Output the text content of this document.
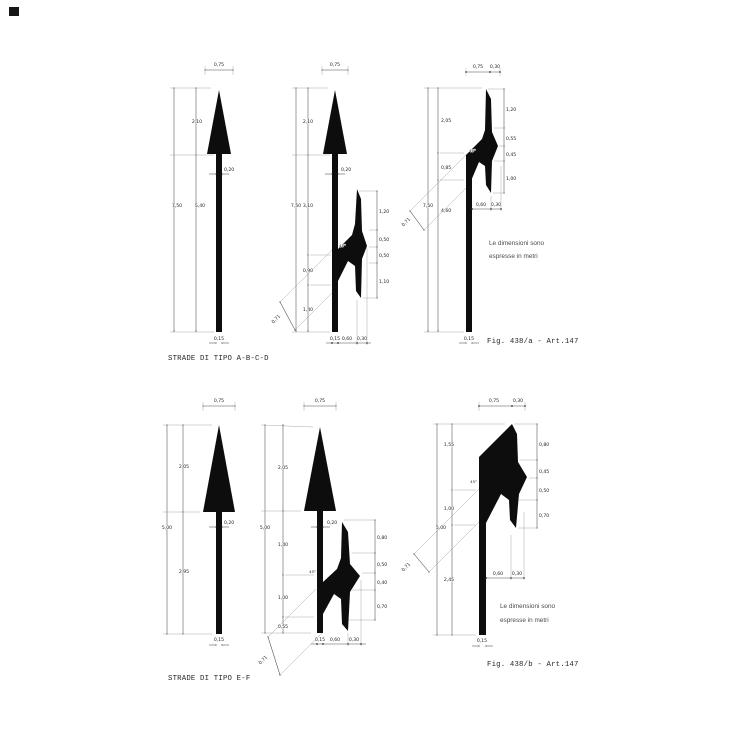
0,75
7,50
2,10
5,40
0,20
0,15
0,75
7,50
2,10
3,10
0,90
1,40
0,20
1,20
0,50
0,50
1,10
0,15 0,60 0,30
0,71
45°
0,75 0,30
7,50
2,05
0,85
4,60
1,20
0,55
0,45
1,00
0,60 0,30
0,15
0,71
45°
Le dimensioni sono
espresse in metri
Fig. 438/a - Art.147
STRADE DI TIPO A-B-C-D
0,75
5,00
2,05
2,95
0,20
0,15
0,75
5,00
2,05
1,40
1,00
0,55
0,20
0,80
0,50
0,40
0,70
0,15 0,60 0,30
0,71
45°
0,75	0,30
5,00
1,55
1,00
2,45
0,80
0,45
0,50
0,70
0,60 0,30
0,15
0,71
45°
Le dimensioni sono
espresse in metri
Fig. 438/b - Art.147
STRADE DI TIPO E-F
